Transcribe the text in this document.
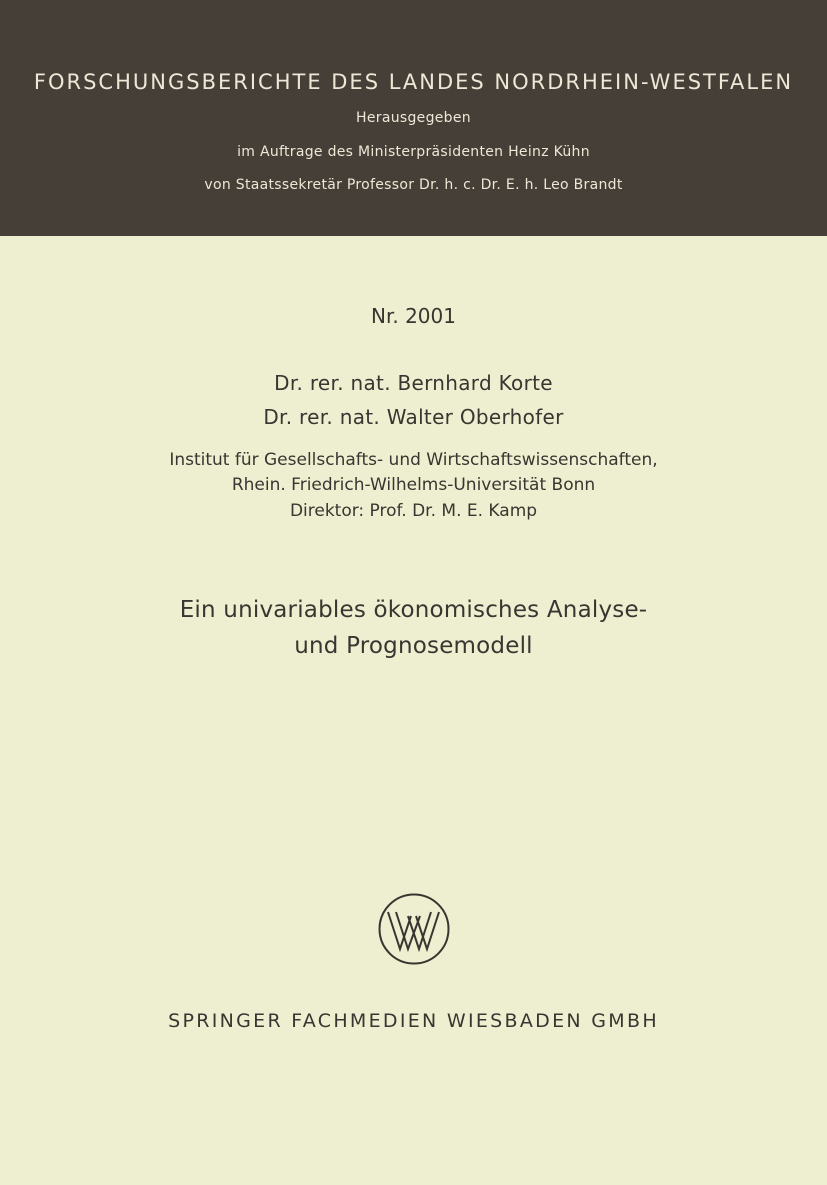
FORSCHUNGSBERICHTE DES LANDES NORDRHEIN-WESTFALEN
Herausgegeben
im Auftrage des Ministerpräsidenten Heinz Kühn
von Staatssekretär Professor Dr. h. c. Dr. E. h. Leo Brandt
Nr. 2001
Dr. rer. nat. Bernhard Korte
Dr. rer. nat. Walter Oberhofer
Institut für Gesellschafts- und Wirtschaftswissenschaften,
Rhein. Friedrich-Wilhelms-Universität Bonn
Direktor: Prof. Dr. M. E. Kamp
Ein univariables ökonomisches Analyse-
und Prognosemodell
SPRINGER FACHMEDIEN WIESBADEN GMBH
